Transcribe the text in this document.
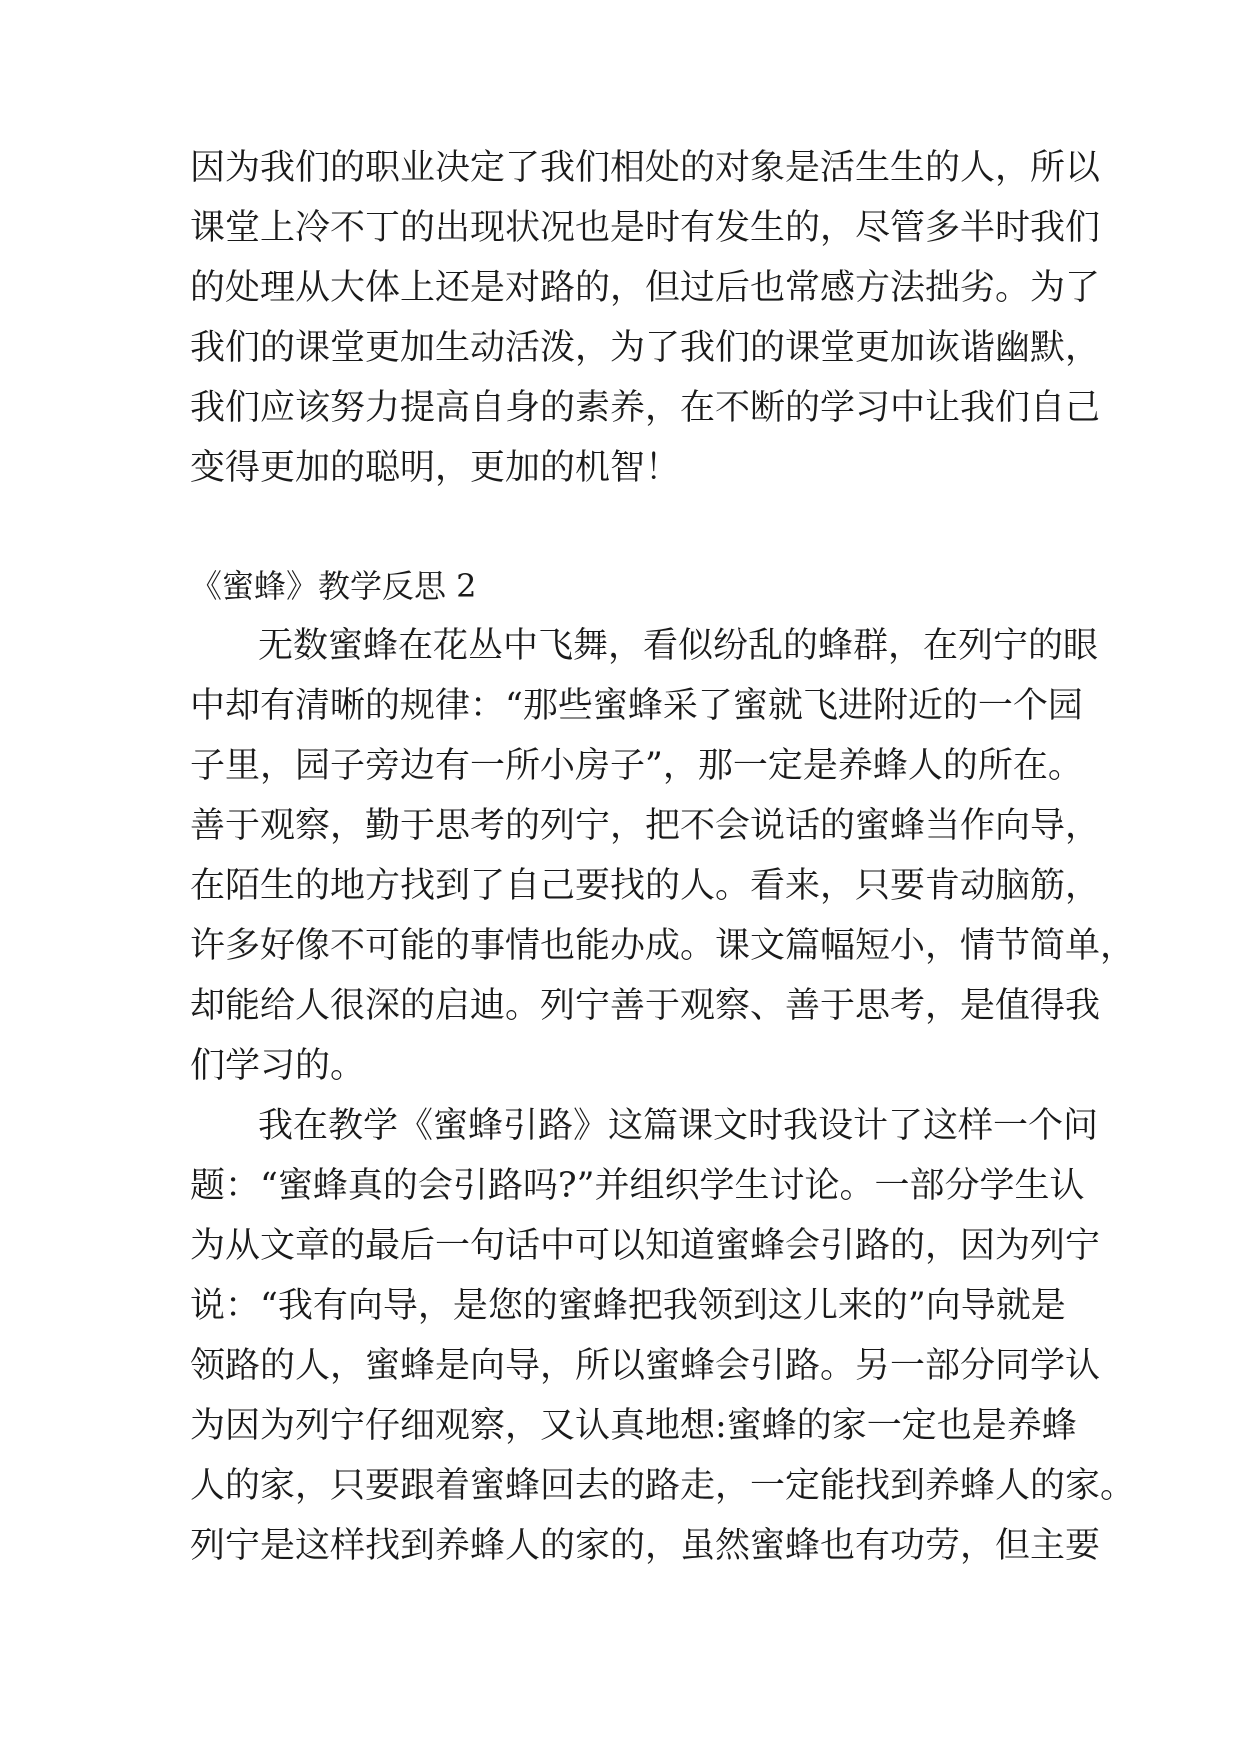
因为我们的职业决定了我们相处的对象是活生生的人，所以
课堂上冷不丁的出现状况也是时有发生的，尽管多半时我们
的处理从大体上还是对路的，但过后也常感方法拙劣。为了
我们的课堂更加生动活泼，为了我们的课堂更加诙谐幽默，
我们应该努力提高自身的素养，在不断的学习中让我们自己
变得更加的聪明，更加的机智！
《蜜蜂》教学反思 2
无数蜜蜂在花丛中飞舞，看似纷乱的蜂群，在列宁的眼
中却有清晰的规律：“那些蜜蜂采了蜜就飞进附近的一个园
子里，园子旁边有一所小房子”，那一定是养蜂人的所在。
善于观察，勤于思考的列宁，把不会说话的蜜蜂当作向导，
在陌生的地方找到了自己要找的人。看来，只要肯动脑筋，
许多好像不可能的事情也能办成。课文篇幅短小，情节简单，
却能给人很深的启迪。列宁善于观察、善于思考，是值得我
们学习的。
我在教学《蜜蜂引路》这篇课文时我设计了这样一个问
题：“蜜蜂真的会引路吗?”并组织学生讨论。一部分学生认
为从文章的最后一句话中可以知道蜜蜂会引路的，因为列宁
说：“我有向导，是您的蜜蜂把我领到这儿来的”向导就是
领路的人，蜜蜂是向导，所以蜜蜂会引路。另一部分同学认
为因为列宁仔细观察，又认真地想:蜜蜂的家一定也是养蜂
人的家，只要跟着蜜蜂回去的路走，一定能找到养蜂人的家。
列宁是这样找到养蜂人的家的，虽然蜜蜂也有功劳，但主要
